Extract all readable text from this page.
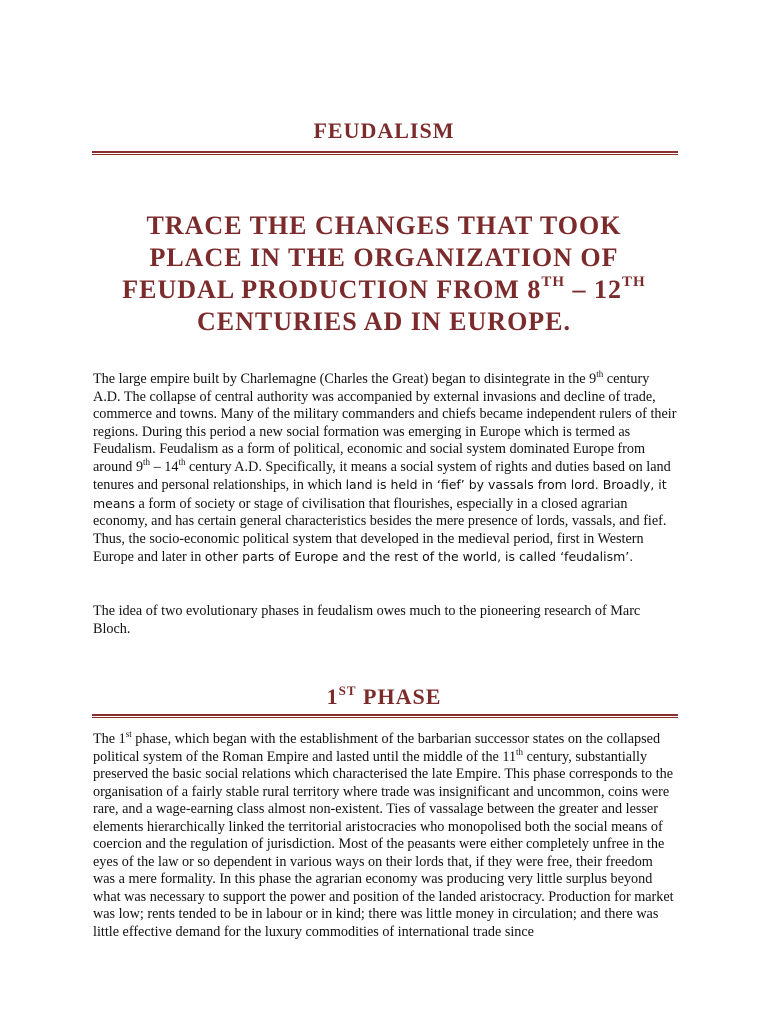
FEUDALISM
TRACE THE CHANGES THAT TOOK
PLACE IN THE ORGANIZATION OF
FEUDAL PRODUCTION FROM 8TH – 12TH
CENTURIES AD IN EUROPE.

The large empire built by Charlemagne (Charles the Great) began to disintegrate in the 9th century A.D. The collapse of central authority was accompanied by external invasions and decline of trade, commerce and towns. Many of the military commanders and chiefs became independent rulers of their regions. During this period a new social formation was emerging in Europe which is termed as Feudalism. Feudalism as a form of political, economic and social system dominated Europe from around 9th – 14th century A.D. Specifically, it means a social system of rights and duties based on land tenures and personal relationships, in which land is held in ‘fief’ by vassals from lord. Broadly, it means a form of society or stage of civilisation that flourishes, especially in a closed agrarian economy, and has certain general characteristics besides the mere presence of lords, vassals, and fief. Thus, the socio-economic political system that developed in the medieval period, first in Western Europe and later in other parts of Europe and the rest of the world, is called ‘feudalism’.

The idea of two evolutionary phases in feudalism owes much to the pioneering research of Marc Bloch.

1ST PHASE

The 1st phase, which began with the establishment of the barbarian successor states on the collapsed political system of the Roman Empire and lasted until the middle of the 11th century, substantially preserved the basic social relations which characterised the late Empire. This phase corresponds to the organisation of a fairly stable rural territory where trade was insignificant and uncommon, coins were rare, and a wage-earning class almost non-existent. Ties of vassalage between the greater and lesser elements hierarchically linked the territorial aristocracies who monopolised both the social means of coercion and the regulation of jurisdiction. Most of the peasants were either completely unfree in the eyes of the law or so dependent in various ways on their lords that, if they were free, their freedom was a mere formality. In this phase the agrarian economy was producing very little surplus beyond what was necessary to support the power and position of the landed aristocracy. Production for market was low; rents tended to be in labour or in kind; there was little money in circulation; and there was little effective demand for the luxury commodities of international trade since
